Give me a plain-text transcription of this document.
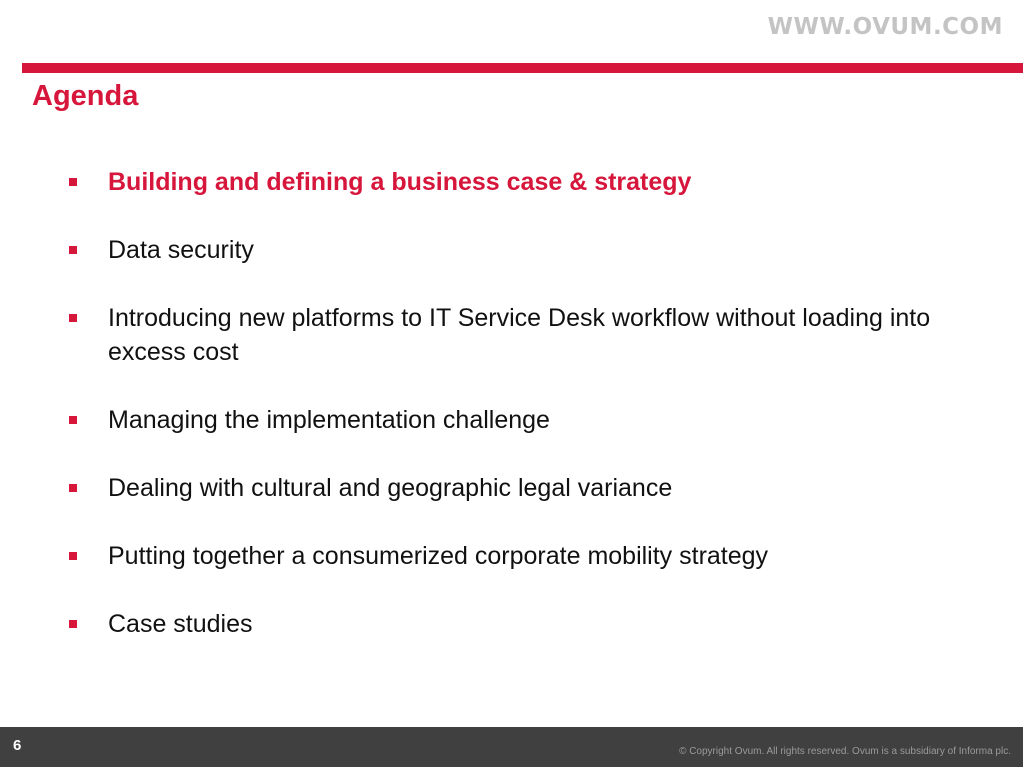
WWW.OVUM.COM
Agenda
Building and defining a business case & strategy
Data security
Introducing new platforms to IT Service Desk workflow without loading into excess cost
Managing the implementation challenge
Dealing with cultural and geographic legal variance
Putting together a consumerized corporate mobility strategy
Case studies
6	© Copyright Ovum. All rights reserved. Ovum is a subsidiary of Informa plc.
